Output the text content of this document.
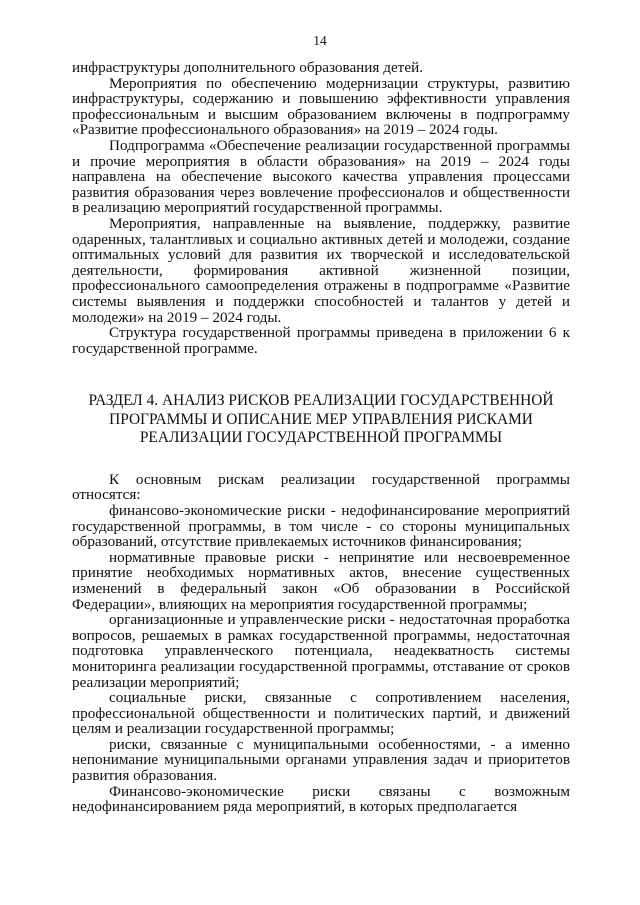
14

инфраструктуры дополнительного образования детей.

Мероприятия по обеспечению модернизации структуры, развитию инфраструктуры, содержанию и повышению эффективности управления профессиональным и высшим образованием включены в подпрограмму «Развитие профессионального образования» на 2019 – 2024 годы.

Подпрограмма «Обеспечение реализации государственной программы и прочие мероприятия в области образования» на 2019 – 2024 годы направлена на обеспечение высокого качества управления процессами развития образования через вовлечение профессионалов и общественности в реализацию мероприятий государственной программы.

Мероприятия, направленные на выявление, поддержку, развитие одаренных, талантливых и социально активных детей и молодежи, создание оптимальных условий для развития их творческой и исследовательской деятельности, формирования активной жизненной позиции, профессионального самоопределения отражены в подпрограмме «Развитие системы выявления и поддержки способностей и талантов у детей и молодежи» на 2019 – 2024 годы.

Структура государственной программы приведена в приложении 6 к государственной программе.

РАЗДЕЛ 4. АНАЛИЗ РИСКОВ РЕАЛИЗАЦИИ ГОСУДАРСТВЕННОЙ
ПРОГРАММЫ И ОПИСАНИЕ МЕР УПРАВЛЕНИЯ РИСКАМИ
РЕАЛИЗАЦИИ ГОСУДАРСТВЕННОЙ ПРОГРАММЫ

К основным рискам реализации государственной программы относятся:

финансово-экономические риски - недофинансирование мероприятий государственной программы, в том числе - со стороны муниципальных образований, отсутствие привлекаемых источников финансирования;

нормативные правовые риски - непринятие или несвоевременное принятие необходимых нормативных актов, внесение существенных изменений в федеральный закон «Об образовании в Российской Федерации», влияющих на мероприятия государственной программы;

организационные и управленческие риски - недостаточная проработка вопросов, решаемых в рамках государственной программы, недостаточная подготовка управленческого потенциала, неадекватность системы мониторинга реализации государственной программы, отставание от сроков реализации мероприятий;

социальные риски, связанные с сопротивлением населения, профессиональной общественности и политических партий, и движений целям и реализации государственной программы;

риски, связанные с муниципальными особенностями, - а именно непонимание муниципальными органами управления задач и приоритетов развития образования.

Финансово-экономические риски связаны с возможным недофинансированием ряда мероприятий, в которых предполагается
